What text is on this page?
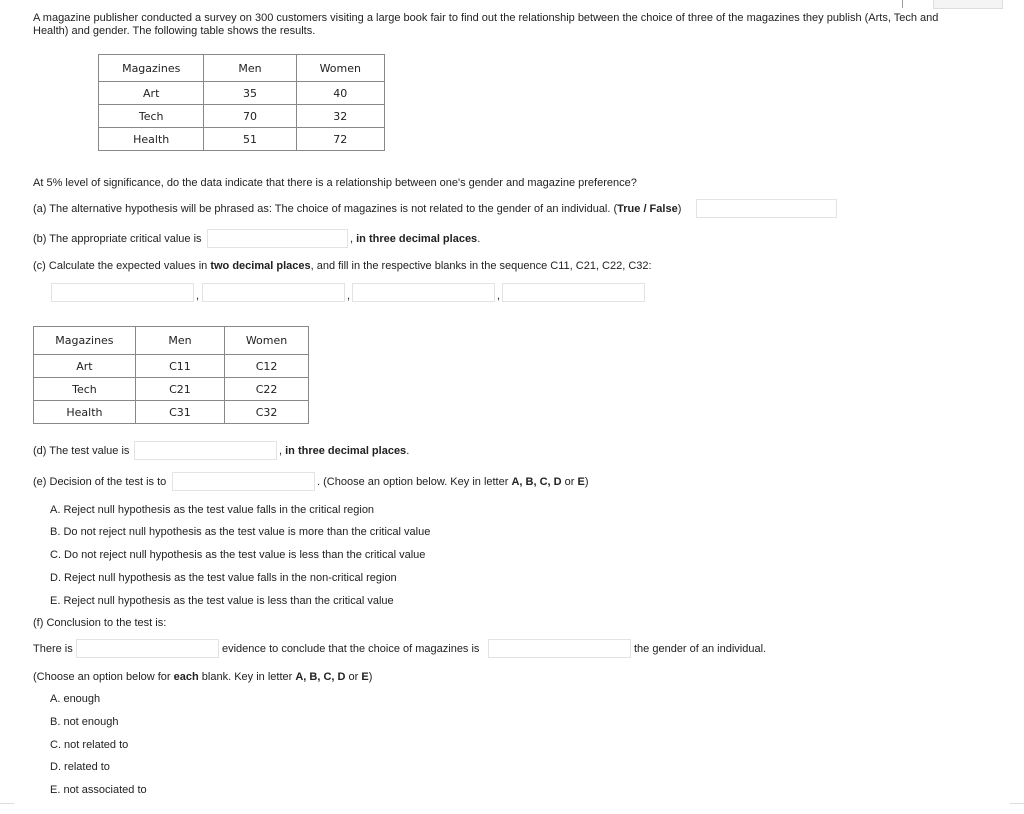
A magazine publisher conducted a survey on 300 customers visiting a large book fair to find out the relationship between the choice of three of the magazines they publish (Arts, Tech and Health) and gender. The following table shows the results.
Magazines	Men	Women
Art	35	40
Tech	70	32
Health	51	72
At 5% level of significance, do the data indicate that there is a relationship between one's gender and magazine preference?
(a) The alternative hypothesis will be phrased as: The choice of magazines is not related to the gender of an individual. (True / False)
(b) The appropriate critical value is	, in three decimal places.
(c) Calculate the expected values in two decimal places, and fill in the respective blanks in the sequence C11, C21, C22, C32:
,	,	,
Magazines	Men	Women
Art	C11	C12
Tech	C21	C22
Health	C31	C32
(d) The test value is	, in three decimal places.
(e) Decision of the test is to	. (Choose an option below. Key in letter A, B, C, D or E)
A. Reject null hypothesis as the test value falls in the critical region
B. Do not reject null hypothesis as the test value is more than the critical value
C. Do not reject null hypothesis as the test value is less than the critical value
D. Reject null hypothesis as the test value falls in the non-critical region
E. Reject null hypothesis as the test value is less than the critical value
(f) Conclusion to the test is:
There is	evidence to conclude that the choice of magazines is	the gender of an individual.
(Choose an option below for each blank. Key in letter A, B, C, D or E)
A. enough
B. not enough
C. not related to
D. related to
E. not associated to
